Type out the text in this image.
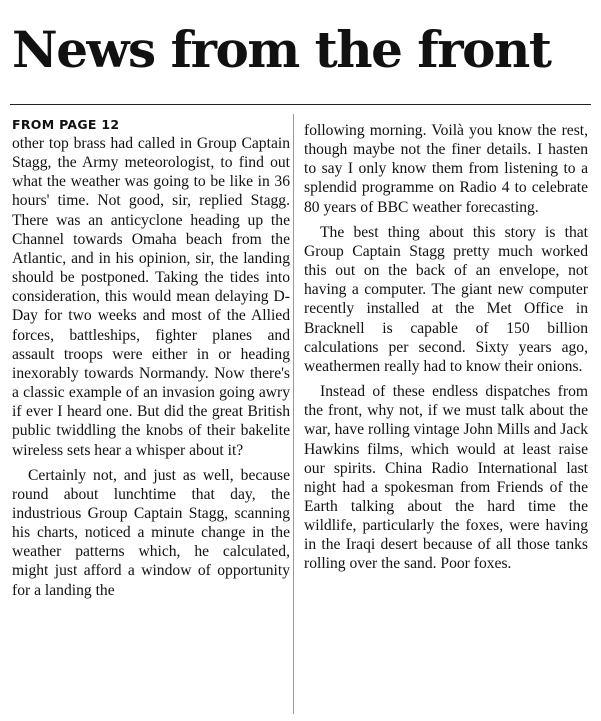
News from the front
FROM PAGE 12

other top brass had called in Group Captain Stagg, the Army meteorologist, to find out what the weather was going to be like in 36 hours' time. Not good, sir, replied Stagg. There was an anticyclone heading up the Channel towards Omaha beach from the Atlantic, and in his opinion, sir, the landing should be postponed. Taking the tides into consideration, this would mean delaying D-Day for two weeks and most of the Allied forces, battleships, fighter planes and assault troops were either in or heading inexorably towards Normandy. Now there's a classic example of an invasion going awry if ever I heard one. But did the great British public twiddling the knobs of their bakelite wireless sets hear a whisper about it?

Certainly not, and just as well, because round about lunchtime that day, the industrious Group Captain Stagg, scanning his charts, noticed a minute change in the weather patterns which, he calculated, might just afford a window of opportunity for a landing the

following morning. Voilà you know the rest, though maybe not the finer details. I hasten to say I only know them from listening to a splendid programme on Radio 4 to celebrate 80 years of BBC weather forecasting.

The best thing about this story is that Group Captain Stagg pretty much worked this out on the back of an envelope, not having a computer. The giant new computer recently installed at the Met Office in Bracknell is capable of 150 billion calculations per second. Sixty years ago, weathermen really had to know their onions.

Instead of these endless dispatches from the front, why not, if we must talk about the war, have rolling vintage John Mills and Jack Hawkins films, which would at least raise our spirits. China Radio International last night had a spokesman from Friends of the Earth talking about the hard time the wildlife, particularly the foxes, were having in the Iraqi desert because of all those tanks rolling over the sand. Poor foxes.
